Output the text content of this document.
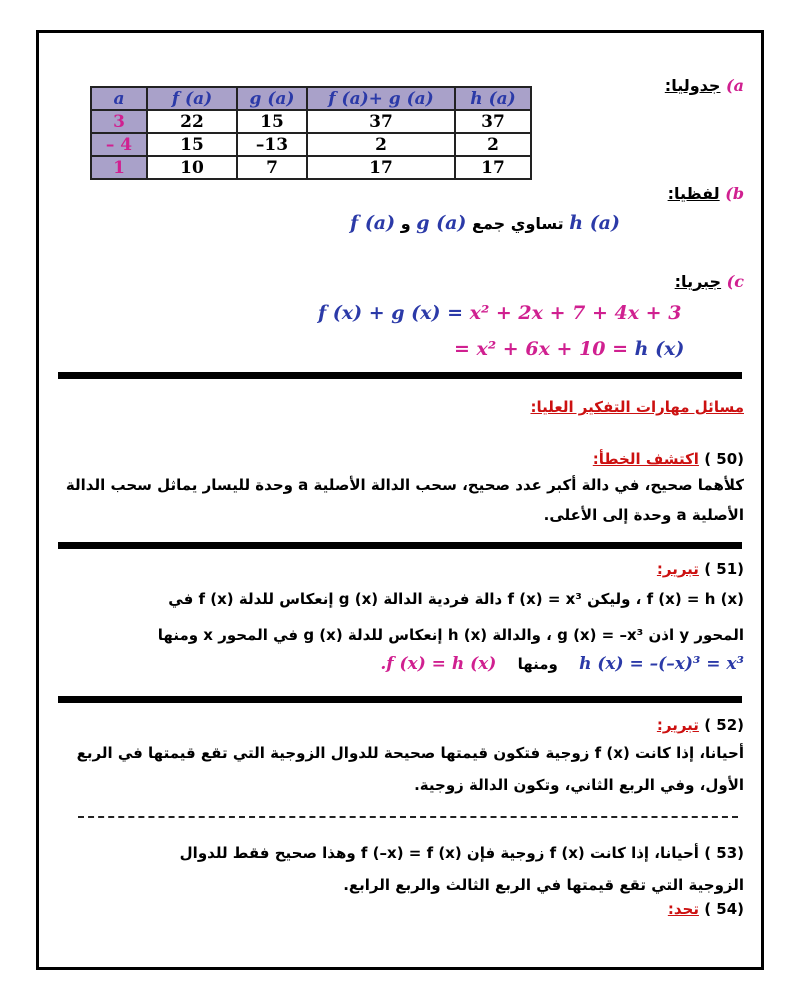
a) جدوليا:
a	f (a)	g (a)	f (a)+ g (a)	h (a)
3	22	15	37	37
– 4	15	–13	2	2
1	10	7	17	17
b) لفظيا:
h (a) تساوي جمع g (a) و f (a)
c) جبريا:
f (x) + g (x) = x² + 2x + 7 + 4x + 3
= x² + 6x + 10 = h (x)
مسائل مهارات التفكير العليا:
(50 ) اكتشف الخطأ:
كلأهما صحيح، في دالة أكبر عدد صحيح، سحب الدالة الأصلية a وحدة لليسار يماثل سحب الدالة
الأصلية a وحدة إلى الأعلى.
(51 ) تبرير:
f (x) = h (x) ، وليكن f (x) = x³ دالة فردية الدالة g (x) إنعكاس للدلة f (x) في
المحور y اذن g (x) = –x³ ، والدالة h (x) إنعكاس للدلة g (x) في المحور x ومنها
h (x) = –(–x)³ = x³ ومنها f (x) = h (x).
(52 ) تبرير:
أحيانا، إذا كانت f (x) زوجية فتكون قيمتها صحيحة للدوال الزوجية التي تقع قيمتها في الربع
الأول، وفي الربع الثاني، وتكون الدالة زوجية.
(53 ) أحيانا، إذا كانت f (x) زوجية فإن f (–x) = f (x) وهذا صحيح فقط للدوال
الزوجية التي تقع قيمتها في الربع الثالث والربع الرابع.
(54 ) تحد:
